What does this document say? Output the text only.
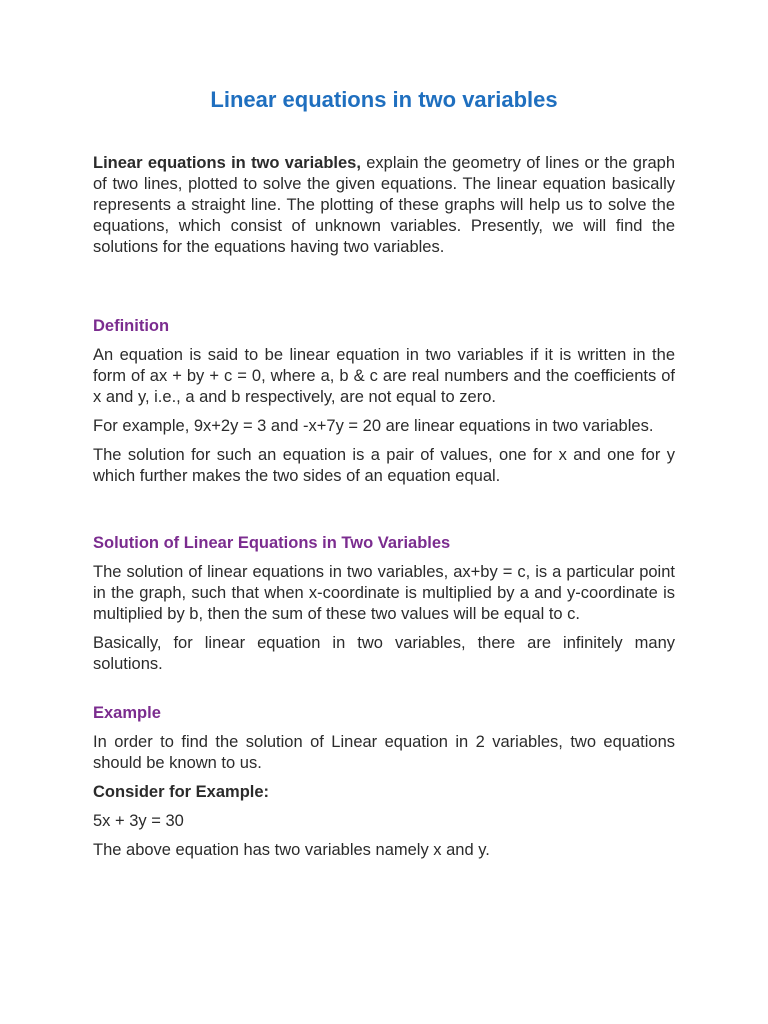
Linear equations in two variables

Linear equations in two variables, explain the geometry of lines or the graph of two lines, plotted to solve the given equations. The linear equation basically represents a straight line. The plotting of these graphs will help us to solve the equations, which consist of unknown variables. Presently, we will find the solutions for the equations having two variables.

Definition

An equation is said to be linear equation in two variables if it is written in the form of ax + by + c = 0, where a, b & c are real numbers and the coefficients of x and y, i.e., a and b respectively, are not equal to zero.

For example, 9x+2y = 3 and -x+7y = 20 are linear equations in two variables.

The solution for such an equation is a pair of values, one for x and one for y which further makes the two sides of an equation equal.

Solution of Linear Equations in Two Variables

The solution of linear equations in two variables, ax+by = c, is a particular point in the graph, such that when x-coordinate is multiplied by a and y-coordinate is multiplied by b, then the sum of these two values will be equal to c.

Basically, for linear equation in two variables, there are infinitely many solutions.

Example

In order to find the solution of Linear equation in 2 variables, two equations should be known to us.

Consider for Example:

5x + 3y = 30

The above equation has two variables namely x and y.
